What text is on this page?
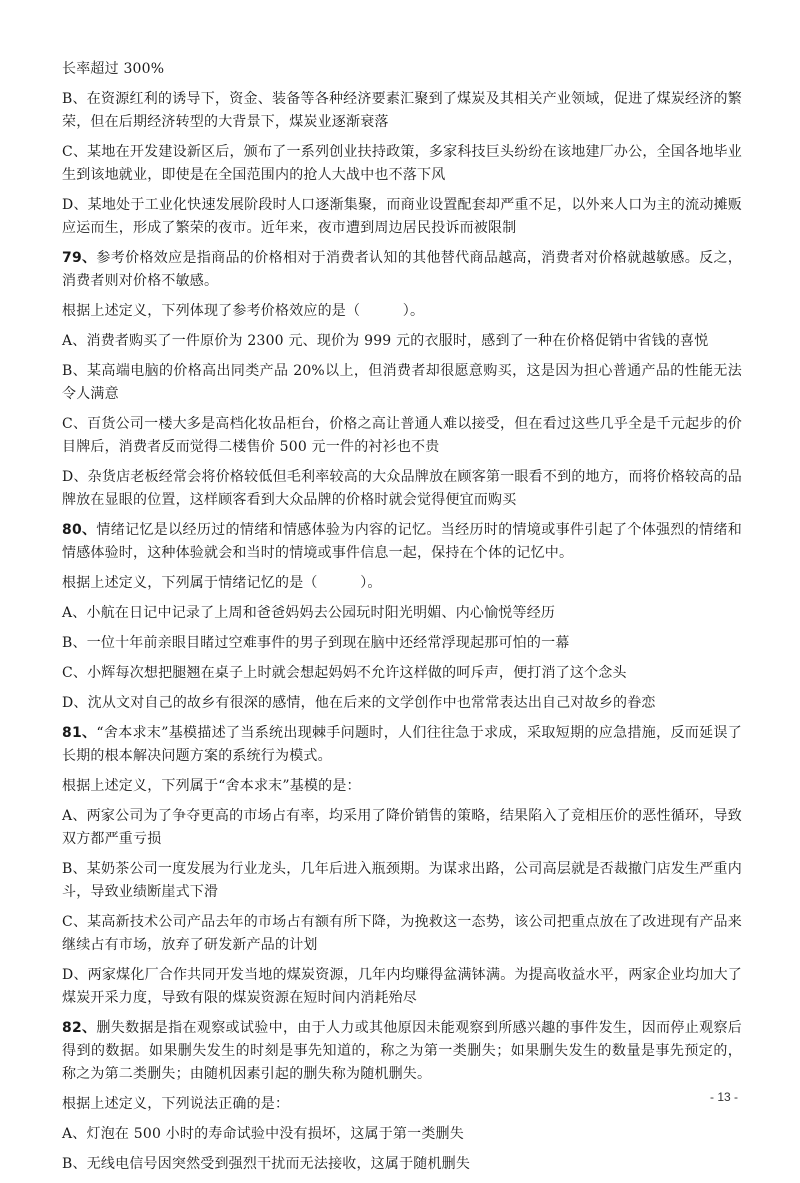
长率超过 300%

B、在资源红利的诱导下，资金、装备等各种经济要素汇聚到了煤炭及其相关产业领域，促进了煤炭经济的繁荣，但在后期经济转型的大背景下，煤炭业逐渐衰落

C、某地在开发建设新区后，颁布了一系列创业扶持政策，多家科技巨头纷纷在该地建厂办公，全国各地毕业生到该地就业，即使是在全国范围内的抢人大战中也不落下风

D、某地处于工业化快速发展阶段时人口逐渐集聚，而商业设置配套却严重不足，以外来人口为主的流动摊贩应运而生，形成了繁荣的夜市。近年来，夜市遭到周边居民投诉而被限制

79、参考价格效应是指商品的价格相对于消费者认知的其他替代商品越高，消费者对价格就越敏感。反之，消费者则对价格不敏感。

根据上述定义，下列体现了参考价格效应的是（　　　）。

A、消费者购买了一件原价为 2300 元、现价为 999 元的衣服时，感到了一种在价格促销中省钱的喜悦

B、某高端电脑的价格高出同类产品 20%以上，但消费者却很愿意购买，这是因为担心普通产品的性能无法令人满意

C、百货公司一楼大多是高档化妆品柜台，价格之高让普通人难以接受，但在看过这些几乎全是千元起步的价目牌后，消费者反而觉得二楼售价 500 元一件的衬衫也不贵

D、杂货店老板经常会将价格较低但毛利率较高的大众品牌放在顾客第一眼看不到的地方，而将价格较高的品牌放在显眼的位置，这样顾客看到大众品牌的价格时就会觉得便宜而购买

80、情绪记忆是以经历过的情绪和情感体验为内容的记忆。当经历时的情境或事件引起了个体强烈的情绪和情感体验时，这种体验就会和当时的情境或事件信息一起，保持在个体的记忆中。

根据上述定义，下列属于情绪记忆的是（　　　）。

A、小航在日记中记录了上周和爸爸妈妈去公园玩时阳光明媚、内心愉悦等经历

B、一位十年前亲眼目睹过空难事件的男子到现在脑中还经常浮现起那可怕的一幕

C、小辉每次想把腿翘在桌子上时就会想起妈妈不允许这样做的呵斥声，便打消了这个念头

D、沈从文对自己的故乡有很深的感情，他在后来的文学创作中也常常表达出自己对故乡的眷恋

81、“舍本求末”基模描述了当系统出现棘手问题时，人们往往急于求成，采取短期的应急措施，反而延误了长期的根本解决问题方案的系统行为模式。

根据上述定义，下列属于“舍本求末”基模的是：

A、两家公司为了争夺更高的市场占有率，均采用了降价销售的策略，结果陷入了竞相压价的恶性循环，导致双方都严重亏损

B、某奶茶公司一度发展为行业龙头，几年后进入瓶颈期。为谋求出路，公司高层就是否裁撤门店发生严重内斗，导致业绩断崖式下滑

C、某高新技术公司产品去年的市场占有额有所下降，为挽救这一态势，该公司把重点放在了改进现有产品来继续占有市场，放弃了研发新产品的计划

D、两家煤化厂合作共同开发当地的煤炭资源，几年内均赚得盆满钵满。为提高收益水平，两家企业均加大了煤炭开采力度，导致有限的煤炭资源在短时间内消耗殆尽

82、删失数据是指在观察或试验中，由于人力或其他原因未能观察到所感兴趣的事件发生，因而停止观察后得到的数据。如果删失发生的时刻是事先知道的，称之为第一类删失；如果删失发生的数量是事先预定的，称之为第二类删失；由随机因素引起的删失称为随机删失。

根据上述定义，下列说法正确的是：

A、灯泡在 500 小时的寿命试验中没有损坏，这属于第一类删失

B、无线电信号因突然受到强烈干扰而无法接收，这属于随机删失

- 13 -
